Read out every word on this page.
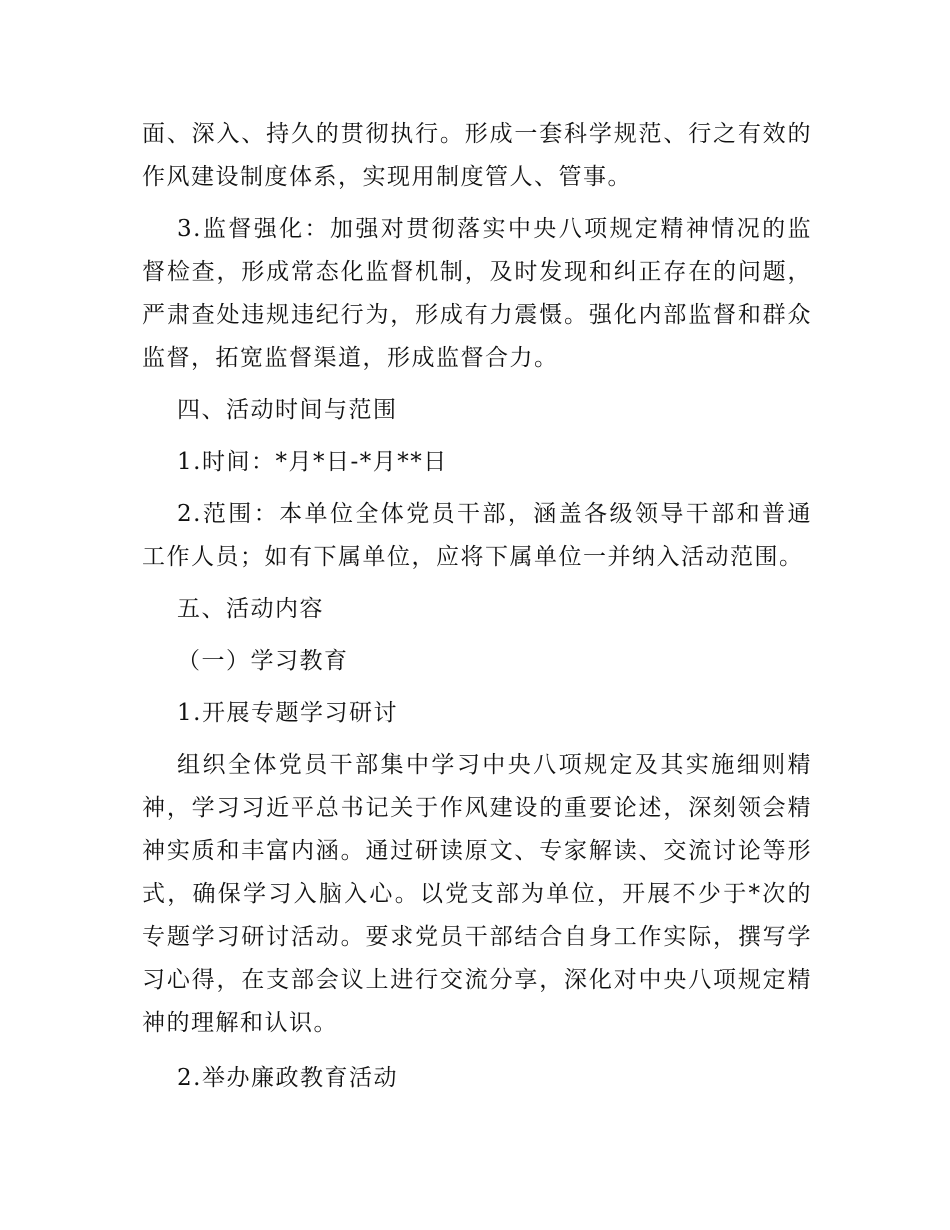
面、深入、持久的贯彻执行。形成一套科学规范、行之有效的作风建设制度体系，实现用制度管人、管事。

3.监督强化：加强对贯彻落实中央八项规定精神情况的监督检查，形成常态化监督机制，及时发现和纠正存在的问题，严肃查处违规违纪行为，形成有力震慑。强化内部监督和群众监督，拓宽监督渠道，形成监督合力。

四、活动时间与范围

1.时间：*月*日-*月**日

2.范围：本单位全体党员干部，涵盖各级领导干部和普通工作人员；如有下属单位，应将下属单位一并纳入活动范围。

五、活动内容

（一）学习教育

1.开展专题学习研讨

组织全体党员干部集中学习中央八项规定及其实施细则精神，学习习近平总书记关于作风建设的重要论述，深刻领会精神实质和丰富内涵。通过研读原文、专家解读、交流讨论等形式，确保学习入脑入心。以党支部为单位，开展不少于*次的专题学习研讨活动。要求党员干部结合自身工作实际，撰写学习心得，在支部会议上进行交流分享，深化对中央八项规定精神的理解和认识。

2.举办廉政教育活动
